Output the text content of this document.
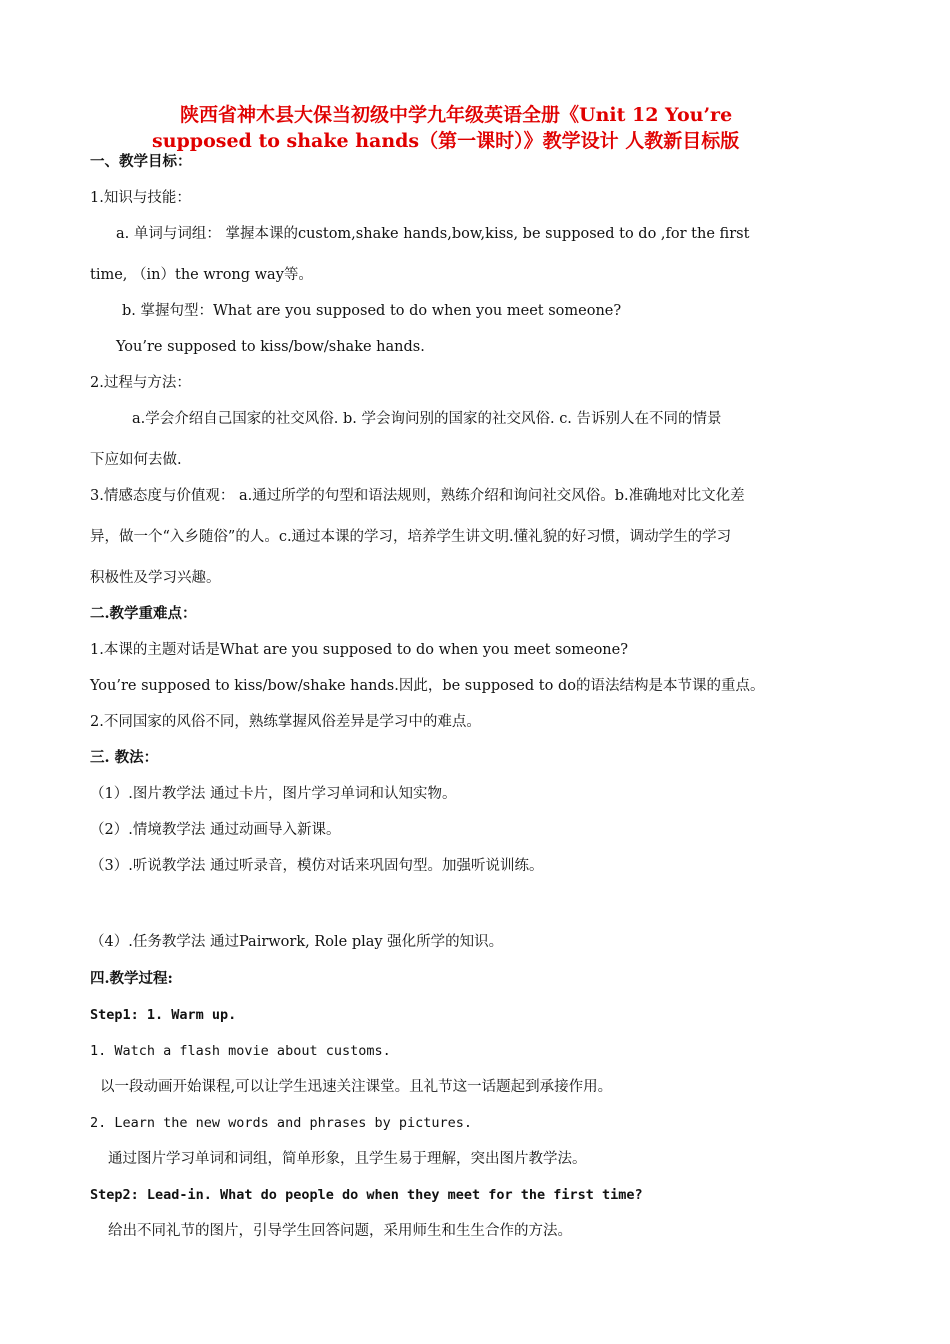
陕西省神木县大保当初级中学九年级英语全册《Unit 12 You’re
supposed to shake hands（第一课时）》教学设计 人教新目标版
一、教学目标：
1.知识与技能：
a. 单词与词组： 掌握本课的custom,shake hands,bow,kiss, be supposed to do ,for the first
time, （in）the wrong way等。
b. 掌握句型：What are you supposed to do when you meet someone?
You’re supposed to kiss/bow/shake hands.
2.过程与方法：
a.学会介绍自己国家的社交风俗. b. 学会询问别的国家的社交风俗. c. 告诉别人在不同的情景
下应如何去做.
3.情感态度与价值观： a.通过所学的句型和语法规则，熟练介绍和询问社交风俗。b.准确地对比文化差
异，做一个“入乡随俗”的人。c.通过本课的学习，培养学生讲文明.懂礼貌的好习惯，调动学生的学习
积极性及学习兴趣。
二.教学重难点：
1.本课的主题对话是What are you supposed to do when you meet someone?
You’re supposed to kiss/bow/shake hands.因此，be supposed to do的语法结构是本节课的重点。
2.不同国家的风俗不同，熟练掌握风俗差异是学习中的难点。
三. 教法：
（1）.图片教学法 通过卡片，图片学习单词和认知实物。
（2）.情境教学法 通过动画导入新课。
（3）.听说教学法 通过听录音，模仿对话来巩固句型。加强听说训练。
（4）.任务教学法 通过Pairwork, Role play 强化所学的知识。
四.教学过程:
Step1: 1. Warm up.
1. Watch a flash movie about customs.
以一段动画开始课程,可以让学生迅速关注课堂。且礼节这一话题起到承接作用。
2. Learn the new words and phrases by pictures.
通过图片学习单词和词组，简单形象，且学生易于理解，突出图片教学法。
Step2: Lead-in. What do people do when they meet for the first time?
给出不同礼节的图片，引导学生回答问题，采用师生和生生合作的方法。
